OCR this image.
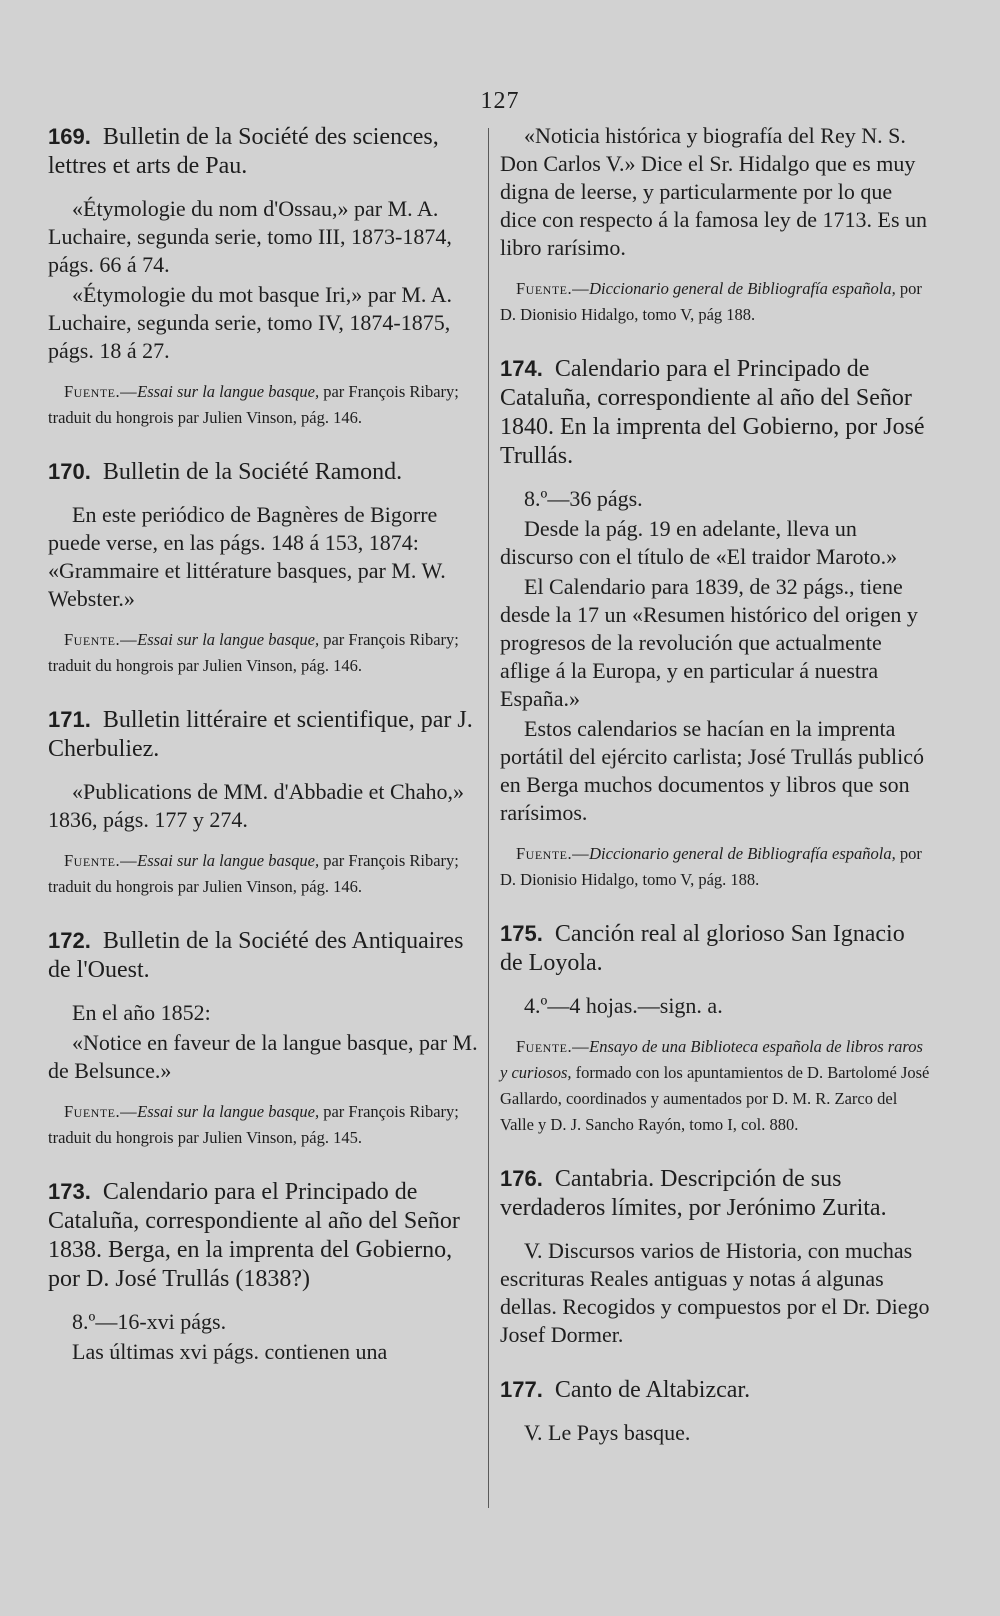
127
169. Bulletin de la Société des sciences, lettres et arts de Pau.
«Étymologie du nom d'Ossau,» par M. A. Luchaire, segunda serie, tomo III, 1873-1874, págs. 66 á 74.
«Étymologie du mot basque Iri,» par M. A. Luchaire, segunda serie, tomo IV, 1874-1875, págs. 18 á 27.
Fuente.—Essai sur la langue basque, par François Ribary; traduit du hongrois par Julien Vinson, pág. 146.
170. Bulletin de la Société Ramond.
En este periódico de Bagnères de Bigorre puede verse, en las págs. 148 á 153, 1874: «Grammaire et littérature basques, par M. W. Webster.»
Fuente.—Essai sur la langue basque, par François Ribary; traduit du hongrois par Julien Vinson, pág. 146.
171. Bulletin littéraire et scientifique, par J. Cherbuliez.
«Publications de MM. d'Abbadie et Chaho,» 1836, págs. 177 y 274.
Fuente.—Essai sur la langue basque, par François Ribary; traduit du hongrois par Julien Vinson, pág. 146.
172. Bulletin de la Société des Antiquaires de l'Ouest.
En el año 1852:
«Notice en faveur de la langue basque, par M. de Belsunce.»
Fuente.—Essai sur la langue basque, par François Ribary; traduit du hongrois par Julien Vinson, pág. 145.
173. Calendario para el Principado de Cataluña, correspondiente al año del Señor 1838. Berga, en la imprenta del Gobierno, por D. José Trullás (1838?)
8.º—16-xvi págs.
Las últimas xvi págs. contienen una
«Noticia histórica y biografía del Rey N. S. Don Carlos V.» Dice el Sr. Hidalgo que es muy digna de leerse, y particularmente por lo que dice con respecto á la famosa ley de 1713. Es un libro rarísimo.
Fuente.—Diccionario general de Bibliografía española, por D. Dionisio Hidalgo, tomo V, pág 188.
174. Calendario para el Principado de Cataluña, correspondiente al año del Señor 1840. En la imprenta del Gobierno, por José Trullás.
8.º—36 págs.
Desde la pág. 19 en adelante, lleva un discurso con el título de «El traidor Maroto.»
El Calendario para 1839, de 32 págs., tiene desde la 17 un «Resumen histórico del origen y progresos de la revolución que actualmente aflige á la Europa, y en particular á nuestra España.»
Estos calendarios se hacían en la imprenta portátil del ejército carlista; José Trullás publicó en Berga muchos documentos y libros que son rarísimos.
Fuente.—Diccionario general de Bibliografía española, por D. Dionisio Hidalgo, tomo V, pág. 188.
175. Canción real al glorioso San Ignacio de Loyola.
4.º—4 hojas.—sign. a.
Fuente.—Ensayo de una Biblioteca española de libros raros y curiosos, formado con los apuntamientos de D. Bartolomé José Gallardo, coordinados y aumentados por D. M. R. Zarco del Valle y D. J. Sancho Rayón, tomo I, col. 880.
176. Cantabria. Descripción de sus verdaderos límites, por Jerónimo Zurita.
V. Discursos varios de Historia, con muchas escrituras Reales antiguas y notas á algunas dellas. Recogidos y compuestos por el Dr. Diego Josef Dormer.
177. Canto de Altabizcar.
V. Le Pays basque.
